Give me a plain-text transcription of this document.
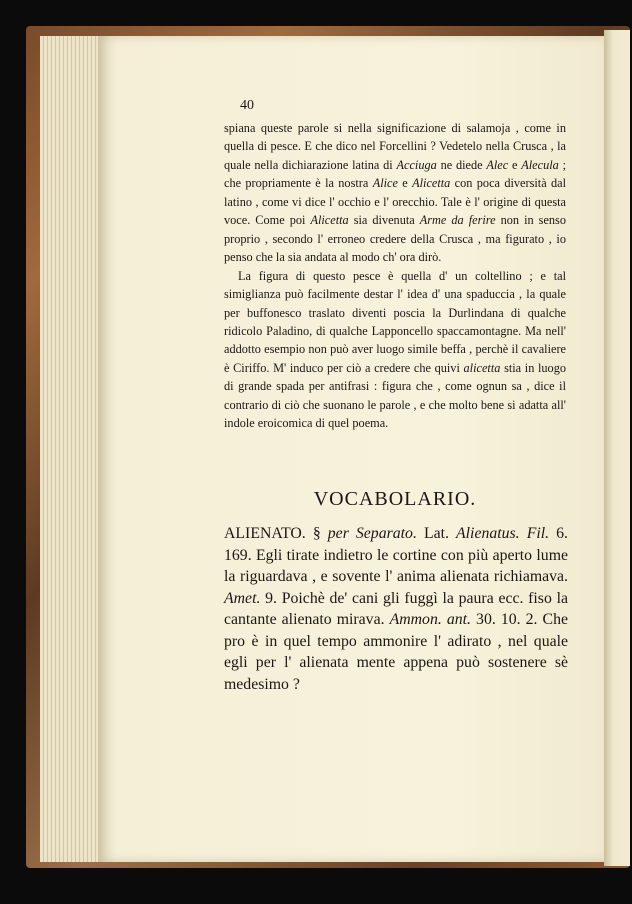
40

spiana queste parole si nella significazione di salamoja , come in quella di pesce. E che dico nel Forcellini ? Vedetelo nella Crusca , la quale nella dichiarazione latina di Acciuga ne diede Alec e Alecula ; che propriamente è la nostra Alice e Alicetta con poca diversità dal latino , come vi dice l' occhio e l' orecchio. Tale è l' origine di questa voce. Come poi Alicetta sia divenuta Arme da ferire non in senso proprio , secondo l' erroneo credere della Crusca , ma figurato , io penso che la sia andata al modo ch' ora dirò.

La figura di questo pesce è quella d' un coltellino ; e tal simiglianza può facilmente destar l' idea d' una spaduccia , la quale per buffonesco traslato diventi poscia la Durlindana di qualche ridicolo Paladino, di qualche Lapponcello spaccamontagne. Ma nell' addotto esempio non può aver luogo simile beffa , perchè il cavaliere è Ciriffo. M' induco per ciò a credere che quivi alicetta stia in luogo di grande spada per antifrasi : figura che , come ognun sa , dice il contrario di ciò che suonano le parole , e che molto bene si adatta all' indole eroicomica di quel poema.

VOCABOLARIO.

ALIENATO. § per Separato. Lat. Alienatus. Fil. 6. 169. Egli tirate indietro le cortine con più aperto lume la riguardava , e sovente l' anima alienata richiamava. Amet. 9. Poichè de' cani gli fuggì la paura ecc. fiso la cantante alienato mirava. Ammon. ant. 30. 10. 2. Che pro è in quel tempo ammonire l' adirato , nel quale egli per l' alienata mente appena può sostenere sè medesimo ?
